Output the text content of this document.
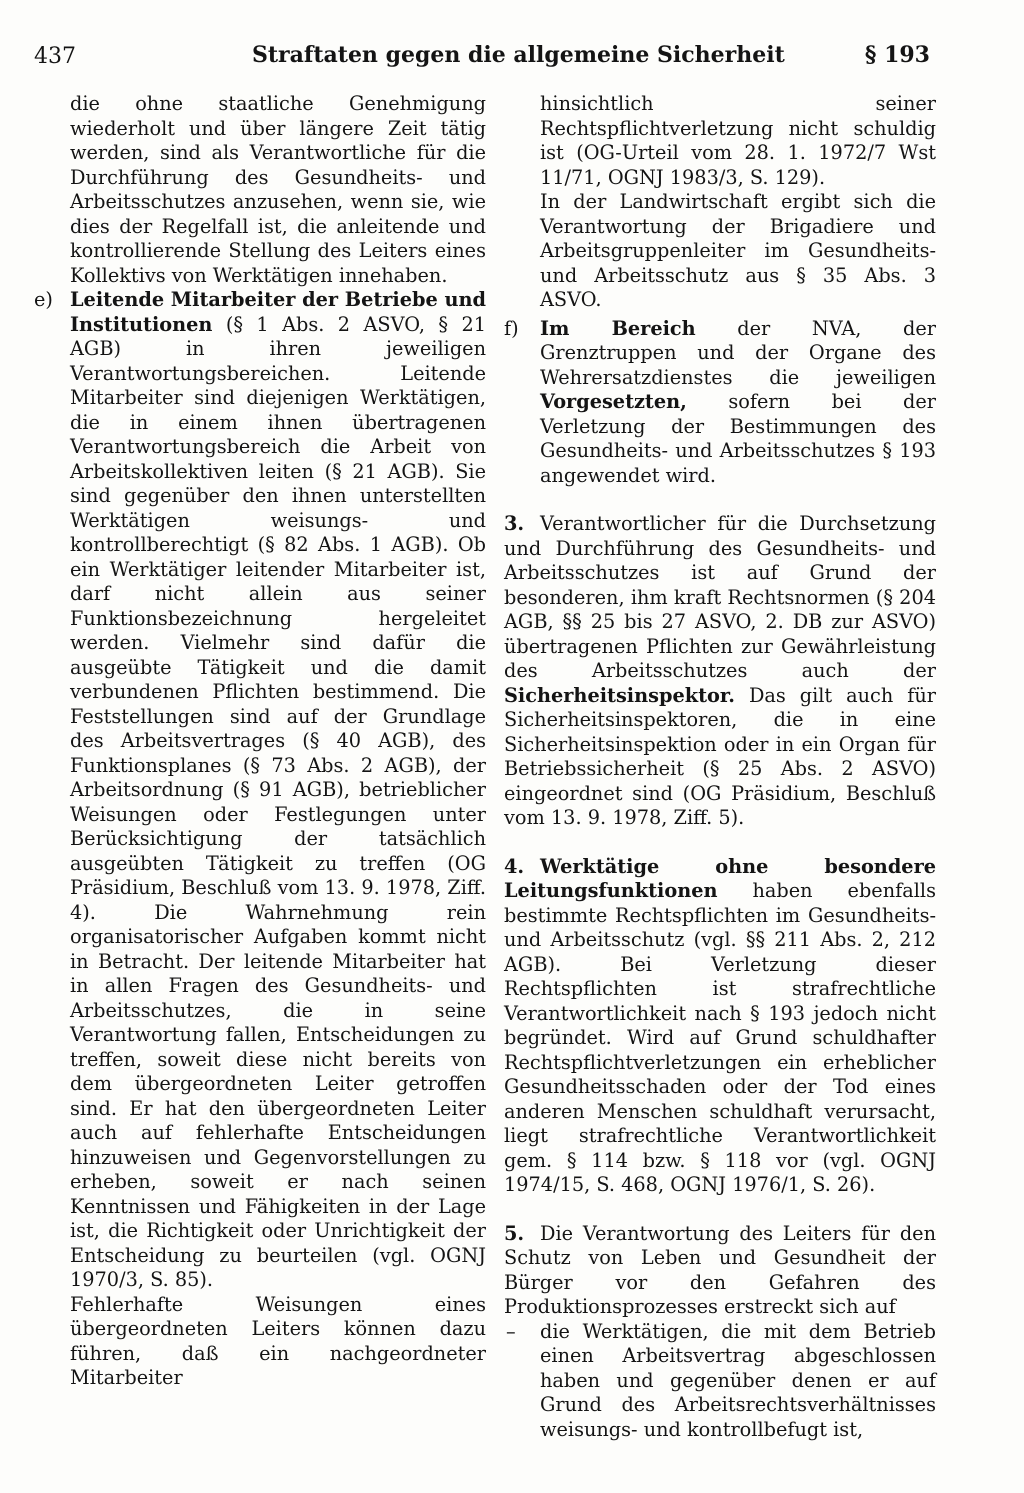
437	Straftaten gegen die allgemeine Sicherheit	§ 193

die ohne staatliche Genehmigung wiederholt und über längere Zeit tätig werden, sind als Verantwortliche für die Durchführung des Gesundheits- und Arbeitsschutzes anzusehen, wenn sie, wie dies der Regelfall ist, die anleitende und kontrollierende Stellung des Leiters eines Kollektivs von Werktätigen innehaben.

e) Leitende Mitarbeiter der Betriebe und Institutionen (§ 1 Abs. 2 ASVO, § 21 AGB) in ihren jeweiligen Verantwortungsbereichen. Leitende Mitarbeiter sind diejenigen Werktätigen, die in einem ihnen übertragenen Verantwortungsbereich die Arbeit von Arbeitskollektiven leiten (§ 21 AGB). Sie sind gegenüber den ihnen unterstellten Werktätigen weisungs- und kontrollberechtigt (§ 82 Abs. 1 AGB). Ob ein Werktätiger leitender Mitarbeiter ist, darf nicht allein aus seiner Funktionsbezeichnung hergeleitet werden. Vielmehr sind dafür die ausgeübte Tätigkeit und die damit verbundenen Pflichten bestimmend. Die Feststellungen sind auf der Grundlage des Arbeitsvertrages (§ 40 AGB), des Funktionsplanes (§ 73 Abs. 2 AGB), der Arbeitsordnung (§ 91 AGB), betrieblicher Weisungen oder Festlegungen unter Berücksichtigung der tatsächlich ausgeübten Tätigkeit zu treffen (OG Präsidium, Beschluß vom 13. 9. 1978, Ziff. 4). Die Wahrnehmung rein organisatorischer Aufgaben kommt nicht in Betracht. Der leitende Mitarbeiter hat in allen Fragen des Gesundheits- und Arbeitsschutzes, die in seine Verantwortung fallen, Entscheidungen zu treffen, soweit diese nicht bereits von dem übergeordneten Leiter getroffen sind. Er hat den übergeordneten Leiter auch auf fehlerhafte Entscheidungen hinzuweisen und Gegenvorstellungen zu erheben, soweit er nach seinen Kenntnissen und Fähigkeiten in der Lage ist, die Richtigkeit oder Unrichtigkeit der Entscheidung zu beurteilen (vgl. OGNJ 1970/3, S. 85).

Fehlerhafte Weisungen eines übergeordneten Leiters können dazu führen, daß ein nachgeordneter Mitarbeiter

hinsichtlich seiner Rechtspflichtverletzung nicht schuldig ist (OG-Urteil vom 28. 1. 1972/7 Wst 11/71, OGNJ 1983/3, S. 129).

In der Landwirtschaft ergibt sich die Verantwortung der Brigadiere und Arbeitsgruppenleiter im Gesundheits- und Arbeitsschutz aus § 35 Abs. 3 ASVO.

f) Im Bereich der NVA, der Grenztruppen und der Organe des Wehrersatzdienstes die jeweiligen Vorgesetzten, sofern bei der Verletzung der Bestimmungen des Gesundheits- und Arbeitsschutzes § 193 angewendet wird.

3. Verantwortlicher für die Durchsetzung und Durchführung des Gesundheits- und Arbeitsschutzes ist auf Grund der besonderen, ihm kraft Rechtsnormen (§ 204 AGB, §§ 25 bis 27 ASVO, 2. DB zur ASVO) übertragenen Pflichten zur Gewährleistung des Arbeitsschutzes auch der Sicherheitsinspektor. Das gilt auch für Sicherheitsinspektoren, die in eine Sicherheitsinspektion oder in ein Organ für Betriebssicherheit (§ 25 Abs. 2 ASVO) eingeordnet sind (OG Präsidium, Beschluß vom 13. 9. 1978, Ziff. 5).

4. Werktätige ohne besondere Leitungsfunktionen haben ebenfalls bestimmte Rechtspflichten im Gesundheits- und Arbeitsschutz (vgl. §§ 211 Abs. 2, 212 AGB). Bei Verletzung dieser Rechtspflichten ist strafrechtliche Verantwortlichkeit nach § 193 jedoch nicht begründet. Wird auf Grund schuldhafter Rechtspflichtverletzungen ein erheblicher Gesundheitsschaden oder der Tod eines anderen Menschen schuldhaft verursacht, liegt strafrechtliche Verantwortlichkeit gem. § 114 bzw. § 118 vor (vgl. OGNJ 1974/15, S. 468, OGNJ 1976/1, S. 26).

5. Die Verantwortung des Leiters für den Schutz von Leben und Gesundheit der Bürger vor den Gefahren des Produktionsprozesses erstreckt sich auf

– die Werktätigen, die mit dem Betrieb einen Arbeitsvertrag abgeschlossen haben und gegenüber denen er auf Grund des Arbeitsrechtsverhältnisses weisungs- und kontrollbefugt ist,
